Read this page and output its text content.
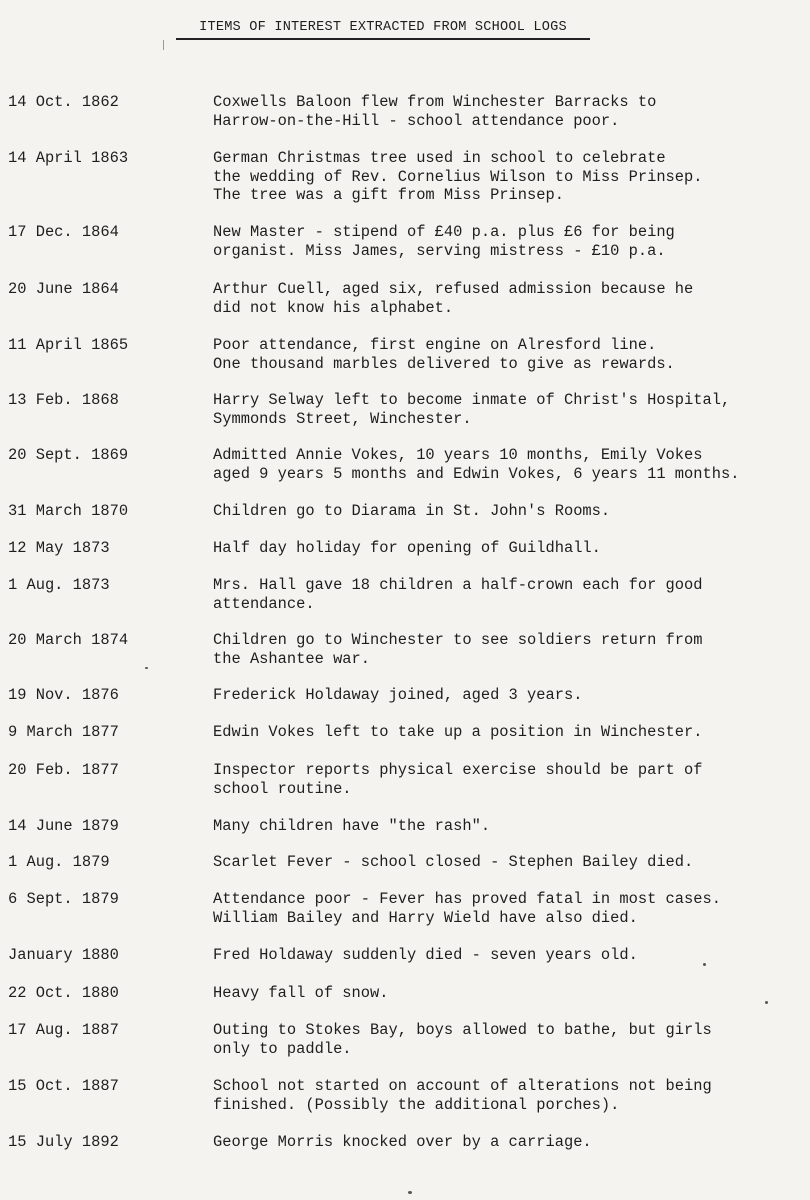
ITEMS OF INTEREST EXTRACTED FROM SCHOOL LOGS
14 Oct. 1862	Coxwells Baloon flew from Winchester Barracks to
Harrow-on-the-Hill - school attendance poor.
14 April 1863	German Christmas tree used in school to celebrate
the wedding of Rev. Cornelius Wilson to Miss Prinsep.
The tree was a gift from Miss Prinsep.
17 Dec. 1864	New Master - stipend of £40 p.a. plus £6 for being
organist. Miss James, serving mistress - £10 p.a.
20 June 1864	Arthur Cuell, aged six, refused admission because he
did not know his alphabet.
11 April 1865	Poor attendance, first engine on Alresford line.
One thousand marbles delivered to give as rewards.
13 Feb. 1868	Harry Selway left to become inmate of Christ's Hospital,
Symmonds Street, Winchester.
20 Sept. 1869	Admitted Annie Vokes, 10 years 10 months, Emily Vokes
aged 9 years 5 months and Edwin Vokes, 6 years 11 months.
31 March 1870	Children go to Diarama in St. John's Rooms.
12 May 1873	Half day holiday for opening of Guildhall.
1 Aug. 1873	Mrs. Hall gave 18 children a half-crown each for good
attendance.
20 March 1874	Children go to Winchester to see soldiers return from
the Ashantee war.
19 Nov. 1876	Frederick Holdaway joined, aged 3 years.
9 March 1877	Edwin Vokes left to take up a position in Winchester.
20 Feb. 1877	Inspector reports physical exercise should be part of
school routine.
14 June 1879	Many children have "the rash".
1 Aug. 1879	Scarlet Fever - school closed - Stephen Bailey died.
6 Sept. 1879	Attendance poor - Fever has proved fatal in most cases.
William Bailey and Harry Wield have also died.
January 1880	Fred Holdaway suddenly died - seven years old.
22 Oct. 1880	Heavy fall of snow.
17 Aug. 1887	Outing to Stokes Bay, boys allowed to bathe, but girls
only to paddle.
15 Oct. 1887	School not started on account of alterations not being
finished. (Possibly the additional porches).
15 July 1892	George Morris knocked over by a carriage.
